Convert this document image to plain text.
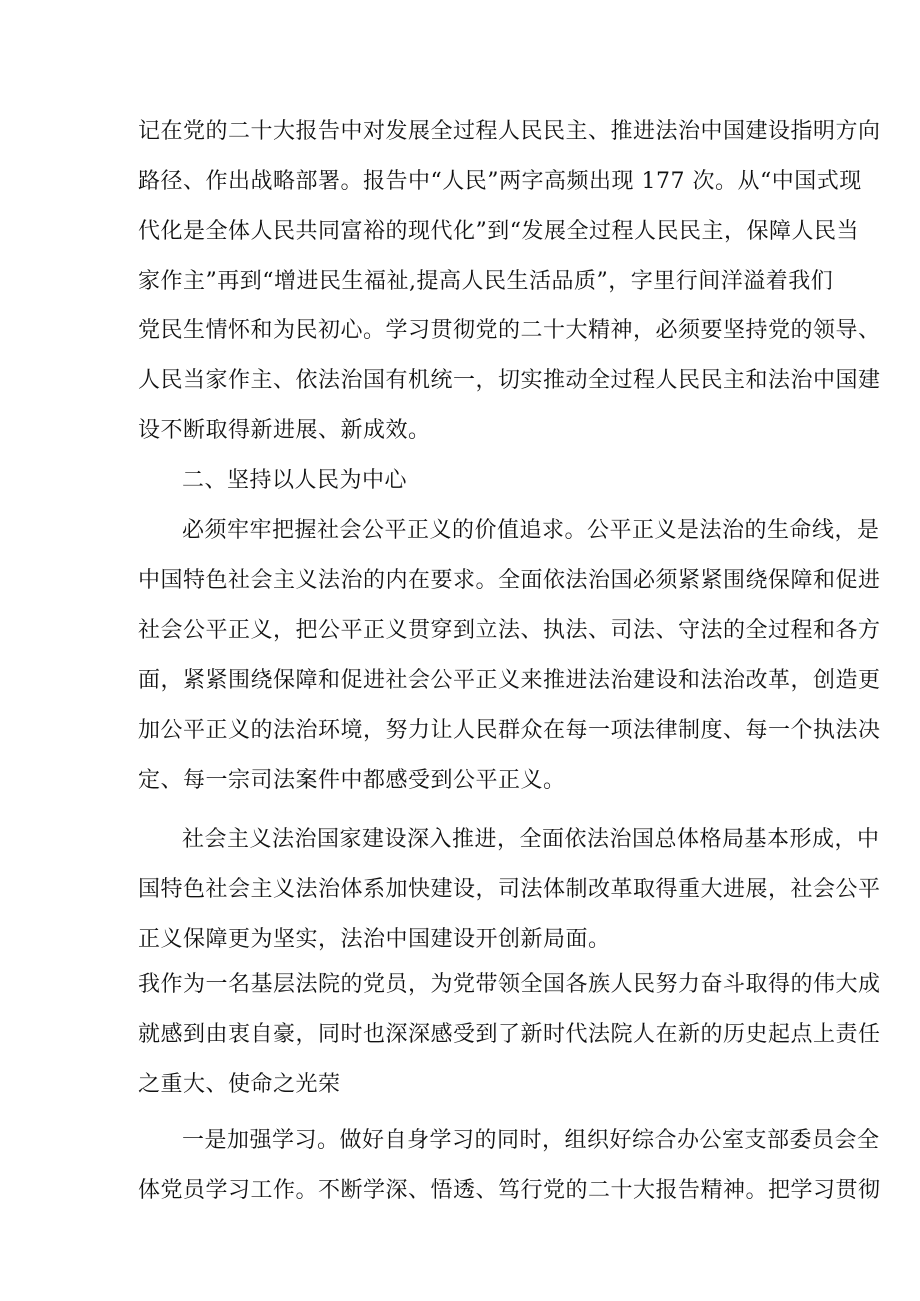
记在党的二十大报告中对发展全过程人民民主、推进法治中国建设指明方向
路径、作出战略部署。报告中“人民”两字高频出现 177 次。从“中国式现
代化是全体人民共同富裕的现代化”到“发展全过程人民民主，保障人民当
家作主”再到“增进民生福祉,提高人民生活品质”，字里行间洋溢着我们
党民生情怀和为民初心。学习贯彻党的二十大精神，必须要坚持党的领导、
人民当家作主、依法治国有机统一，切实推动全过程人民民主和法治中国建
设不断取得新进展、新成效。
二、坚持以人民为中心
必须牢牢把握社会公平正义的价值追求。公平正义是法治的生命线，是
中国特色社会主义法治的内在要求。全面依法治国必须紧紧围绕保障和促进
社会公平正义，把公平正义贯穿到立法、执法、司法、守法的全过程和各方
面，紧紧围绕保障和促进社会公平正义来推进法治建设和法治改革，创造更
加公平正义的法治环境，努力让人民群众在每一项法律制度、每一个执法决
定、每一宗司法案件中都感受到公平正义。
社会主义法治国家建设深入推进，全面依法治国总体格局基本形成，中
国特色社会主义法治体系加快建设，司法体制改革取得重大进展，社会公平
正义保障更为坚实，法治中国建设开创新局面。
我作为一名基层法院的党员，为党带领全国各族人民努力奋斗取得的伟大成
就感到由衷自豪，同时也深深感受到了新时代法院人在新的历史起点上责任
之重大、使命之光荣
一是加强学习。做好自身学习的同时，组织好综合办公室支部委员会全
体党员学习工作。不断学深、悟透、笃行党的二十大报告精神。把学习贯彻
